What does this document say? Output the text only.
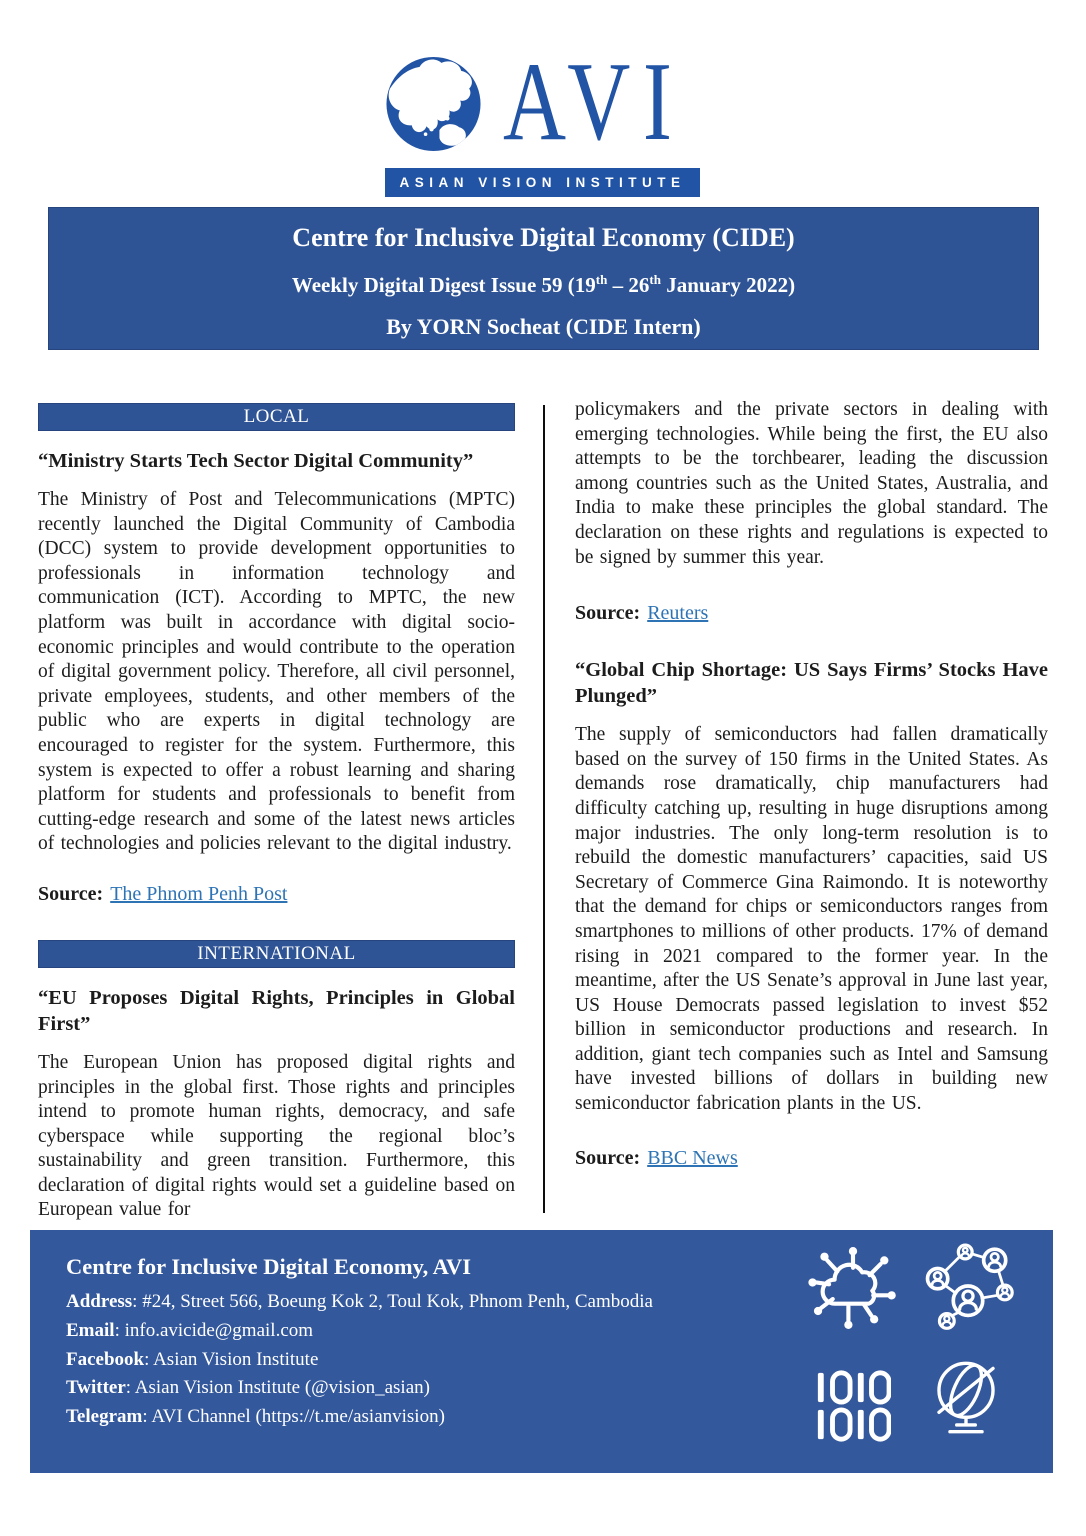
AVI
ASIAN VISION INSTITUTE

Centre for Inclusive Digital Economy (CIDE)

Weekly Digital Digest Issue 59 (19th – 26th January 2022)

By YORN Socheat (CIDE Intern)

LOCAL
“Ministry Starts Tech Sector Digital Community”

The Ministry of Post and Telecommunications (MPTC) recently launched the Digital Community of Cambodia (DCC) system to provide development opportunities to professionals in information technology and communication (ICT). According to MPTC, the new platform was built in accordance with digital socio-economic principles and would contribute to the operation of digital government policy. Therefore, all civil personnel, private employees, students, and other members of the public who are experts in digital technology are encouraged to register for the system. Furthermore, this system is expected to offer a robust learning and sharing platform for students and professionals to benefit from cutting-edge research and some of the latest news articles of technologies and policies relevant to the digital industry.

Source: The Phnom Penh Post

INTERNATIONAL
“EU Proposes Digital Rights, Principles in Global First”

The European Union has proposed digital rights and principles in the global first. Those rights and principles intend to promote human rights, democracy, and safe cyberspace while supporting the regional bloc’s sustainability and green transition. Furthermore, this declaration of digital rights would set a guideline based on European value for

policymakers and the private sectors in dealing with emerging technologies. While being the first, the EU also attempts to be the torchbearer, leading the discussion among countries such as the United States, Australia, and India to make these principles the global standard. The declaration on these rights and regulations is expected to be signed by summer this year.

Source: Reuters

“Global Chip Shortage: US Says Firms’ Stocks Have Plunged”

The supply of semiconductors had fallen dramatically based on the survey of 150 firms in the United States. As demands rose dramatically, chip manufacturers had difficulty catching up, resulting in huge disruptions among major industries. The only long-term resolution is to rebuild the domestic manufacturers’ capacities, said US Secretary of Commerce Gina Raimondo. It is noteworthy that the demand for chips or semiconductors ranges from smartphones to millions of other products. 17% of demand rising in 2021 compared to the former year. In the meantime, after the US Senate’s approval in June last year, US House Democrats passed legislation to invest $52 billion in semiconductor productions and research. In addition, giant tech companies such as Intel and Samsung have invested billions of dollars in building new semiconductor fabrication plants in the US.

Source: BBC News

Centre for Inclusive Digital Economy, AVI

Address: #24, Street 566, Boeung Kok 2, Toul Kok, Phnom Penh, Cambodia

Email: info.avicide@gmail.com

Facebook: Asian Vision Institute

Twitter: Asian Vision Institute (@vision_asian)

Telegram: AVI Channel (https://t.me/asianvision)
